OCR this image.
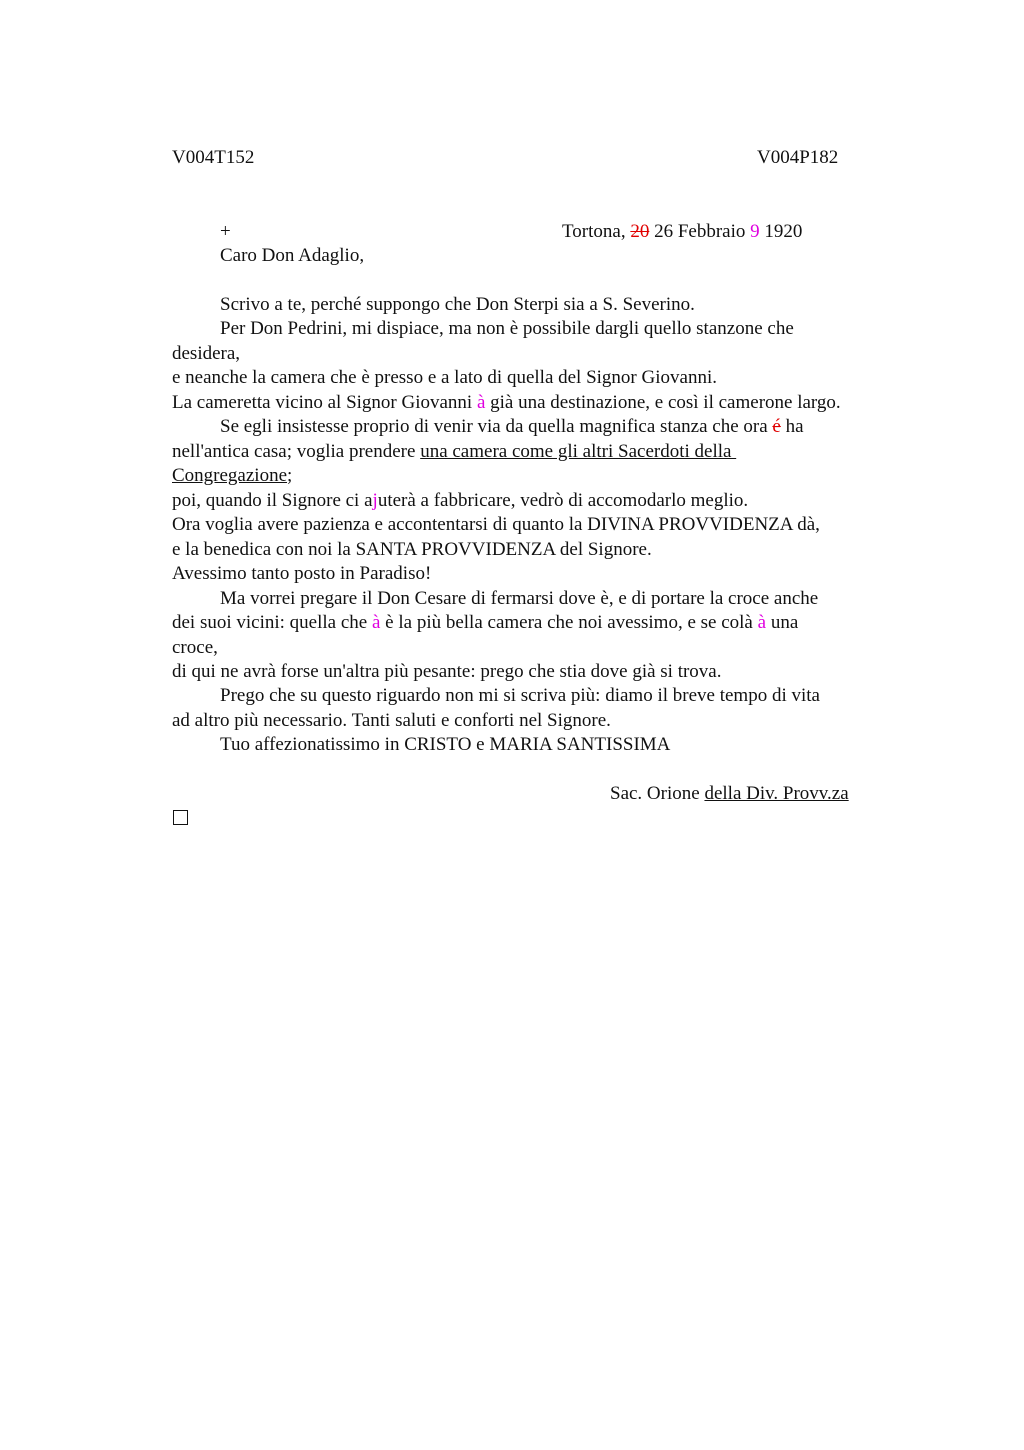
V004T152	V004P182
+	Tortona, 20 26 Febbraio 9 1920
Caro Don Adaglio,
Scrivo a te, perché suppongo che Don Sterpi sia a S. Severino.
Per Don Pedrini, mi dispiace, ma non è possibile dargli quello stanzone che
desidera,
e neanche la camera che è presso e a lato di quella del Signor Giovanni.
La cameretta vicino al Signor Giovanni à già una destinazione, e così il camerone largo.
Se egli insistesse proprio di venir via da quella magnifica stanza che ora é ha
nell'antica casa; voglia prendere una camera come gli altri Sacerdoti della
Congregazione;
poi, quando il Signore ci ajuterà a fabbricare, vedrò di accomodarlo meglio.
Ora voglia avere pazienza e accontentarsi di quanto la DIVINA PROVVIDENZA dà,
e la benedica con noi la SANTA PROVVIDENZA del Signore.
Avessimo tanto posto in Paradiso!
Ma vorrei pregare il Don Cesare di fermarsi dove è, e di portare la croce anche
dei suoi vicini: quella che à è la più bella camera che noi avessimo, e se colà à una
croce,
di qui ne avrà forse un'altra più pesante: prego che stia dove già si trova.
Prego che su questo riguardo non mi si scriva più: diamo il breve tempo di vita
ad altro più necessario. Tanti saluti e conforti nel Signore.
Tuo affezionatissimo in CRISTO e MARIA SANTISSIMA
Sac. Orione della Div. Provv.za
